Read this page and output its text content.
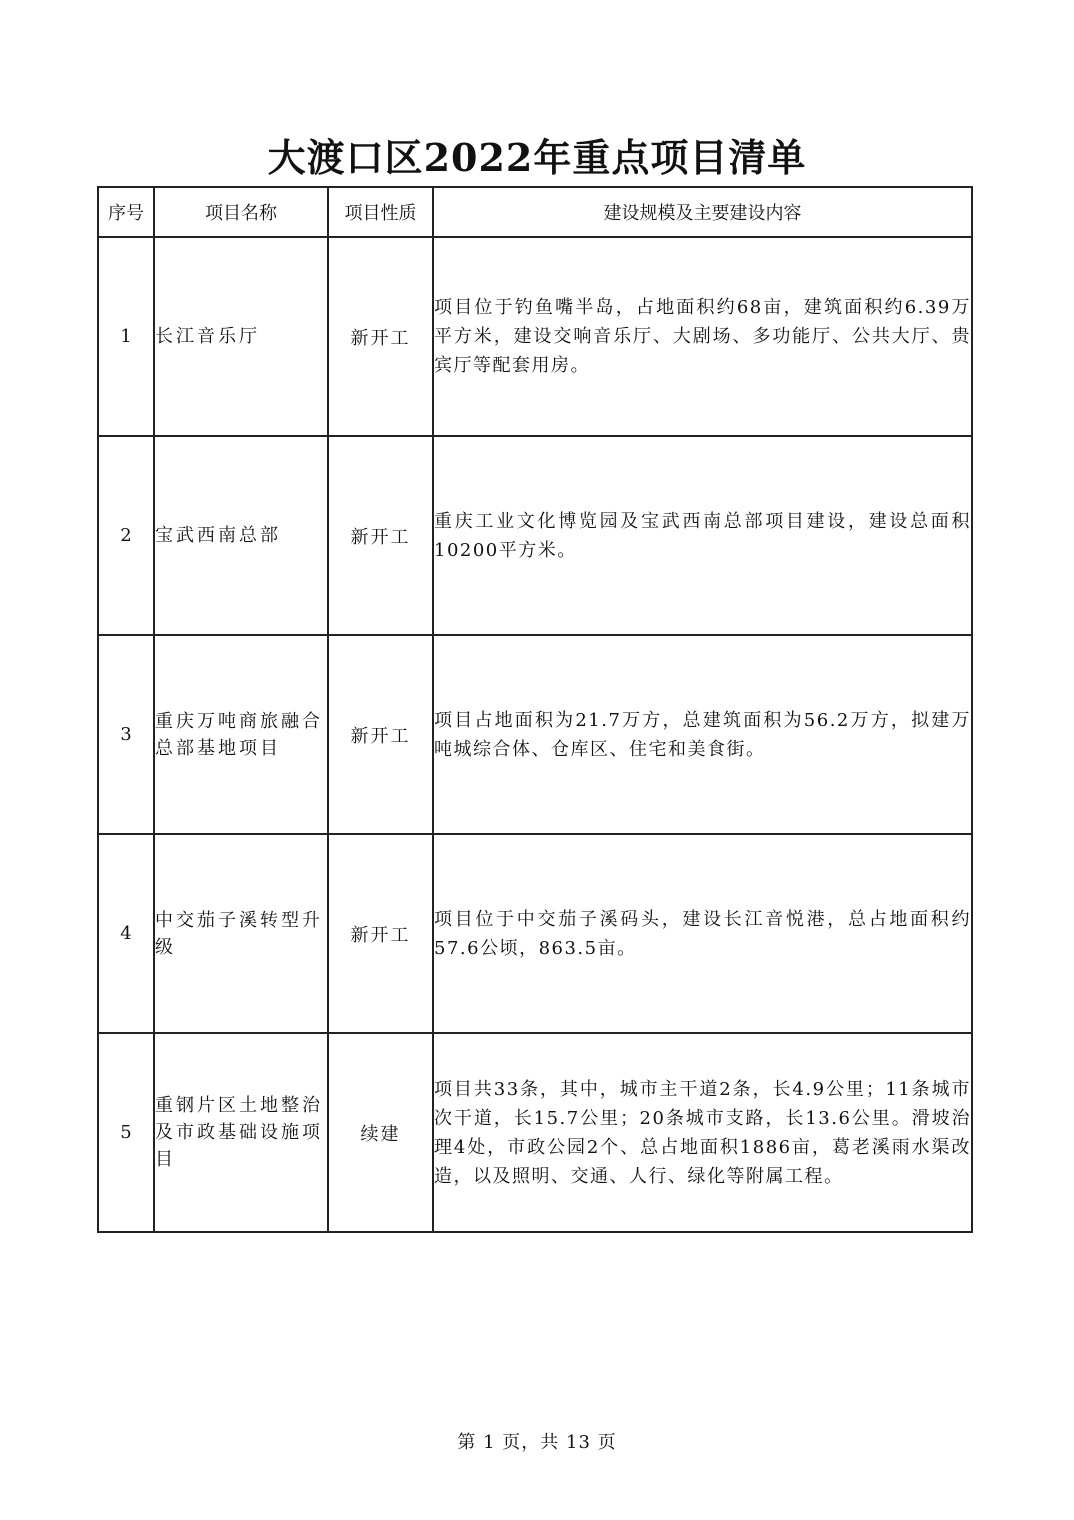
大渡口区2022年重点项目清单
序号	项目名称	项目性质	建设规模及主要建设内容
1	长江音乐厅	新开工	项目位于钓鱼嘴半岛，占地面积约68亩，建筑面积约6.39万平方米，建设交响音乐厅、大剧场、多功能厅、公共大厅、贵宾厅等配套用房。
2	宝武西南总部	新开工	重庆工业文化博览园及宝武西南总部项目建设，建设总面积10200平方米。
3	重庆万吨商旅融合总部基地项目	新开工	项目占地面积为21.7万方，总建筑面积为56.2万方，拟建万吨城综合体、仓库区、住宅和美食街。
4	中交茄子溪转型升级	新开工	项目位于中交茄子溪码头，建设长江音悦港，总占地面积约57.6公顷，863.5亩。
5	重钢片区土地整治及市政基础设施项目	续建	项目共33条，其中，城市主干道2条，长4.9公里；11条城市次干道，长15.7公里；20条城市支路，长13.6公里。滑坡治理4处，市政公园2个、总占地面积1886亩，葛老溪雨水渠改造，以及照明、交通、人行、绿化等附属工程。
第 1 页，共 13 页
